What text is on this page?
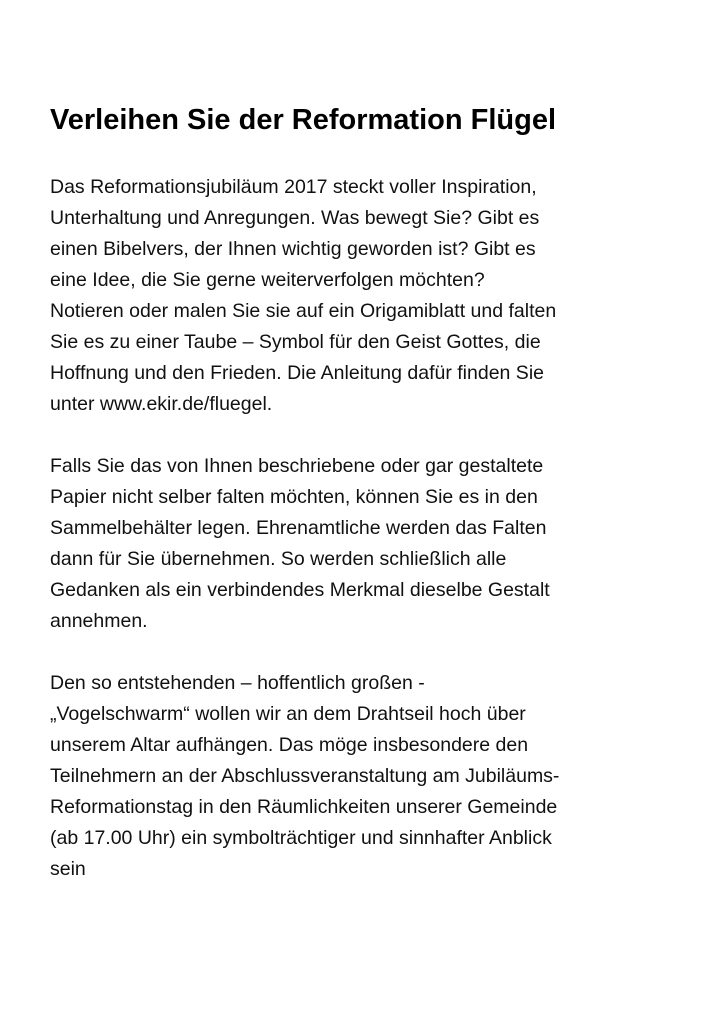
Verleihen Sie der Reformation Flügel

Das Reformationsjubiläum 2017 steckt voller Inspiration,
Unterhaltung und Anregungen. Was bewegt Sie? Gibt es
einen Bibelvers, der Ihnen wichtig geworden ist? Gibt es
eine Idee, die Sie gerne weiterverfolgen möchten?
Notieren oder malen Sie sie auf ein Origamiblatt und falten
Sie es zu einer Taube – Symbol für den Geist Gottes, die
Hoffnung und den Frieden. Die Anleitung dafür finden Sie
unter www.ekir.de/fluegel.

Falls Sie das von Ihnen beschriebene oder gar gestaltete
Papier nicht selber falten möchten, können Sie es in den
Sammelbehälter legen. Ehrenamtliche werden das Falten
dann für Sie übernehmen. So werden schließlich alle
Gedanken als ein verbindendes Merkmal dieselbe Gestalt
annehmen.

Den so entstehenden – hoffentlich großen -
„Vogelschwarm“ wollen wir an dem Drahtseil hoch über
unserem Altar aufhängen. Das möge insbesondere den
Teilnehmern an der Abschlussveranstaltung am Jubiläums-
Reformationstag in den Räumlichkeiten unserer Gemeinde
(ab 17.00 Uhr) ein symbolträchtiger und sinnhafter Anblick
sein
